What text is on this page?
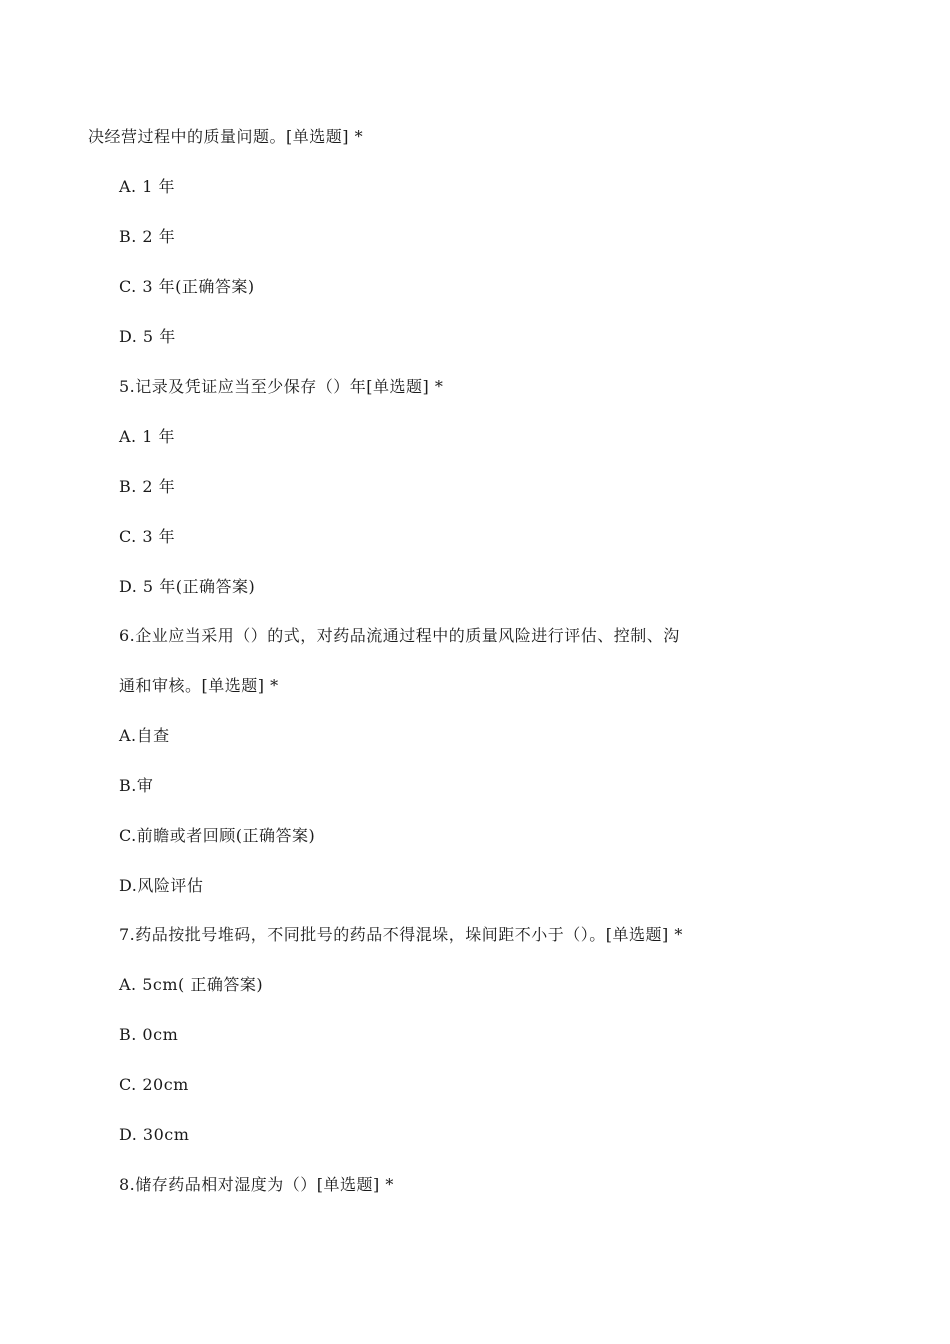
决经营过程中的质量问题。[单选题] *
A. 1 年
B. 2 年
C. 3 年(正确答案)
D. 5 年
5.记录及凭证应当至少保存（）年[单选题] *
A. 1 年
B. 2 年
C. 3 年
D. 5 年(正确答案)
6.企业应当采用（）的式，对药品流通过程中的质量风险进行评估、控制、沟
通和审核。[单选题] *
A.自查
B.审
C.前瞻或者回顾(正确答案)
D.风险评估
7.药品按批号堆码，不同批号的药品不得混垛，垛间距不小于（）。[单选题] *
A. 5cm( 正确答案)
B. 0cm
C. 20cm
D. 30cm
8.储存药品相对湿度为（）[单选题] *
